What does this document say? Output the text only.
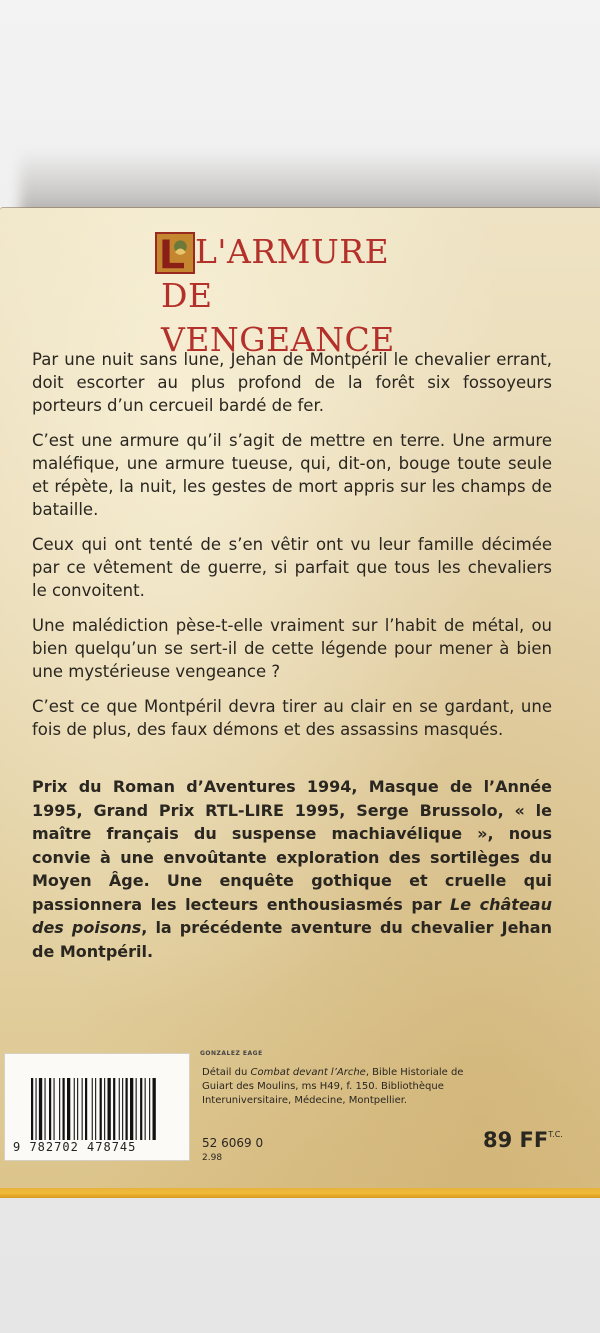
L'ARMURE
DE VENGEANCE

Par une nuit sans lune, Jehan de Montpéril le chevalier errant, doit escorter au plus profond de la forêt six fossoyeurs porteurs d’un cercueil bardé de fer.

C’est une armure qu’il s’agit de mettre en terre. Une armure maléfique, une armure tueuse, qui, dit-on, bouge toute seule et répète, la nuit, les gestes de mort appris sur les champs de bataille.

Ceux qui ont tenté de s’en vêtir ont vu leur famille décimée par ce vêtement de guerre, si parfait que tous les chevaliers le convoitent.

Une malédiction pèse-t-elle vraiment sur l’habit de métal, ou bien quelqu’un se sert-il de cette légende pour mener à bien une mystérieuse vengeance ?

C’est ce que Montpéril devra tirer au clair en se gardant, une fois de plus, des faux démons et des assassins masqués.

Prix du Roman d’Aventures 1994, Masque de l’Année 1995, Grand Prix RTL-LIRE 1995, Serge Brussolo, « le maître français du suspense machiavélique », nous convie à une envoûtante exploration des sortilèges du Moyen Âge. Une enquête gothique et cruelle qui passionnera les lecteurs enthousiasmés par Le château des poisons, la précédente aventure du chevalier Jehan de Montpéril.

9 782702 478745
GONZALEZ EAGE
Détail du Combat devant l’Arche, Bible Historiale de Guiart des Moulins, ms H49, f. 150. Bibliothèque Interuniversitaire, Médecine, Montpellier.
52 6069 0
2.98
89 $FF^{T.C.}$
